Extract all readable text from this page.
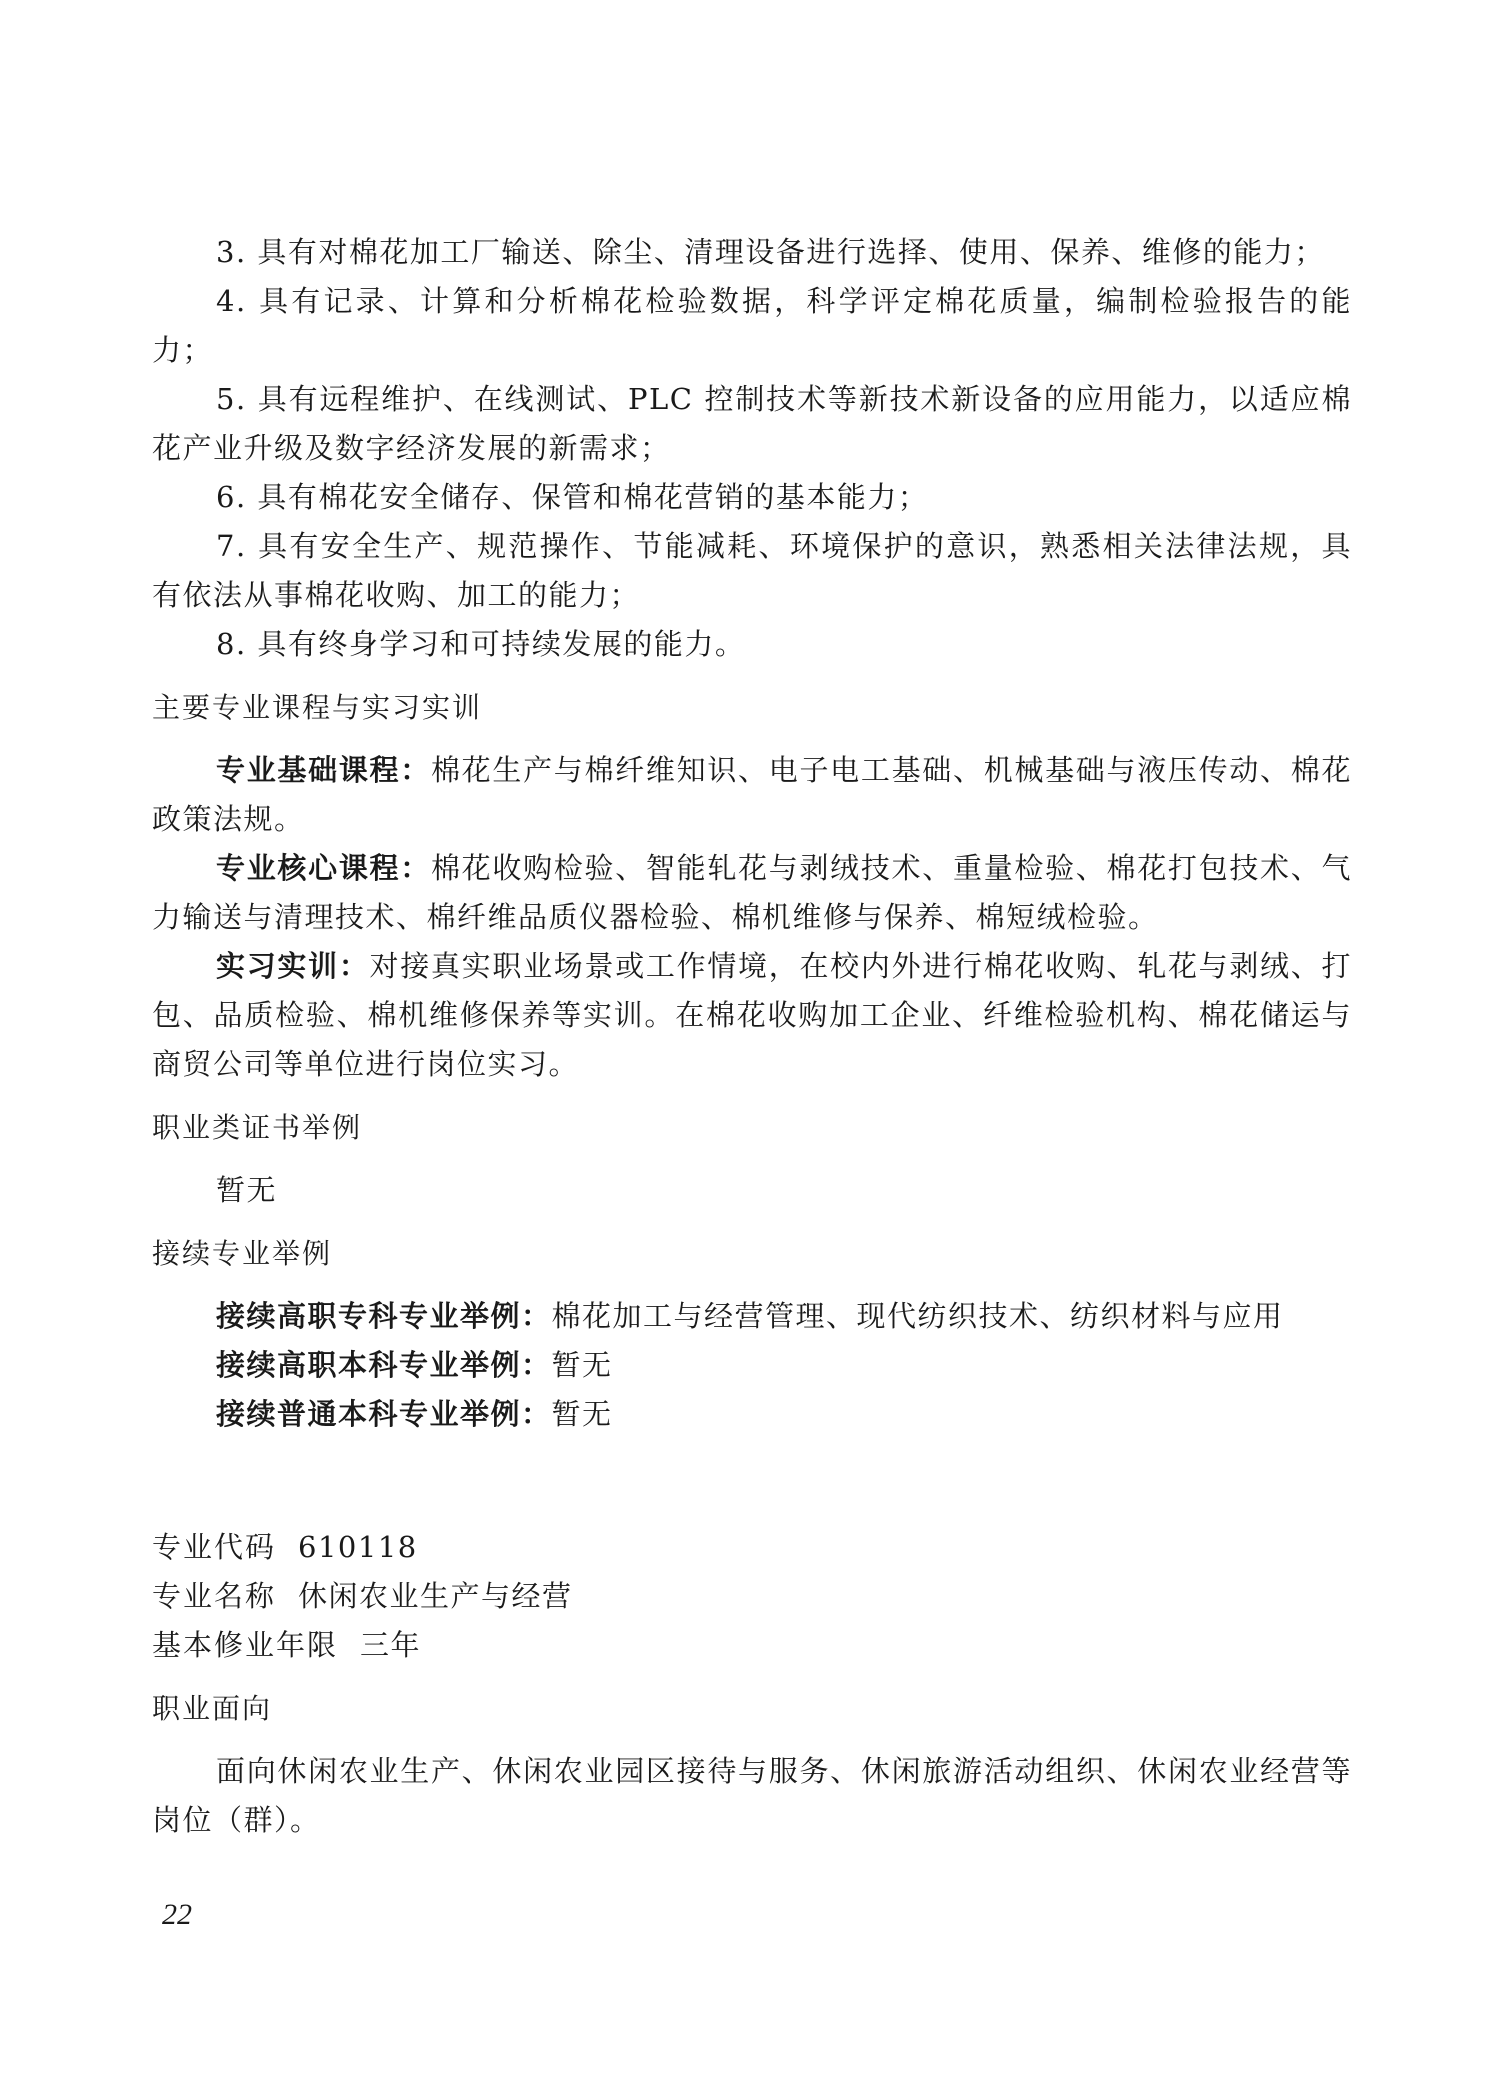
3. 具有对棉花加工厂输送、除尘、清理设备进行选择、使用、保养、维修的能力；

4. 具有记录、计算和分析棉花检验数据，科学评定棉花质量，编制检验报告的能力；

5. 具有远程维护、在线测试、PLC 控制技术等新技术新设备的应用能力，以适应棉花产业升级及数字经济发展的新需求；

6. 具有棉花安全储存、保管和棉花营销的基本能力；

7. 具有安全生产、规范操作、节能减耗、环境保护的意识，熟悉相关法律法规，具有依法从事棉花收购、加工的能力；

8. 具有终身学习和可持续发展的能力。

主要专业课程与实习实训

专业基础课程：棉花生产与棉纤维知识、电子电工基础、机械基础与液压传动、棉花政策法规。

专业核心课程：棉花收购检验、智能轧花与剥绒技术、重量检验、棉花打包技术、气力输送与清理技术、棉纤维品质仪器检验、棉机维修与保养、棉短绒检验。

实习实训：对接真实职业场景或工作情境，在校内外进行棉花收购、轧花与剥绒、打包、品质检验、棉机维修保养等实训。在棉花收购加工企业、纤维检验机构、棉花储运与商贸公司等单位进行岗位实习。

职业类证书举例

暂无

接续专业举例

接续高职专科专业举例：棉花加工与经营管理、现代纺织技术、纺织材料与应用

接续高职本科专业举例：暂无

接续普通本科专业举例：暂无

专业代码 610118

专业名称 休闲农业生产与经营

基本修业年限 三年

职业面向

面向休闲农业生产、休闲农业园区接待与服务、休闲旅游活动组织、休闲农业经营等岗位（群）。

22
